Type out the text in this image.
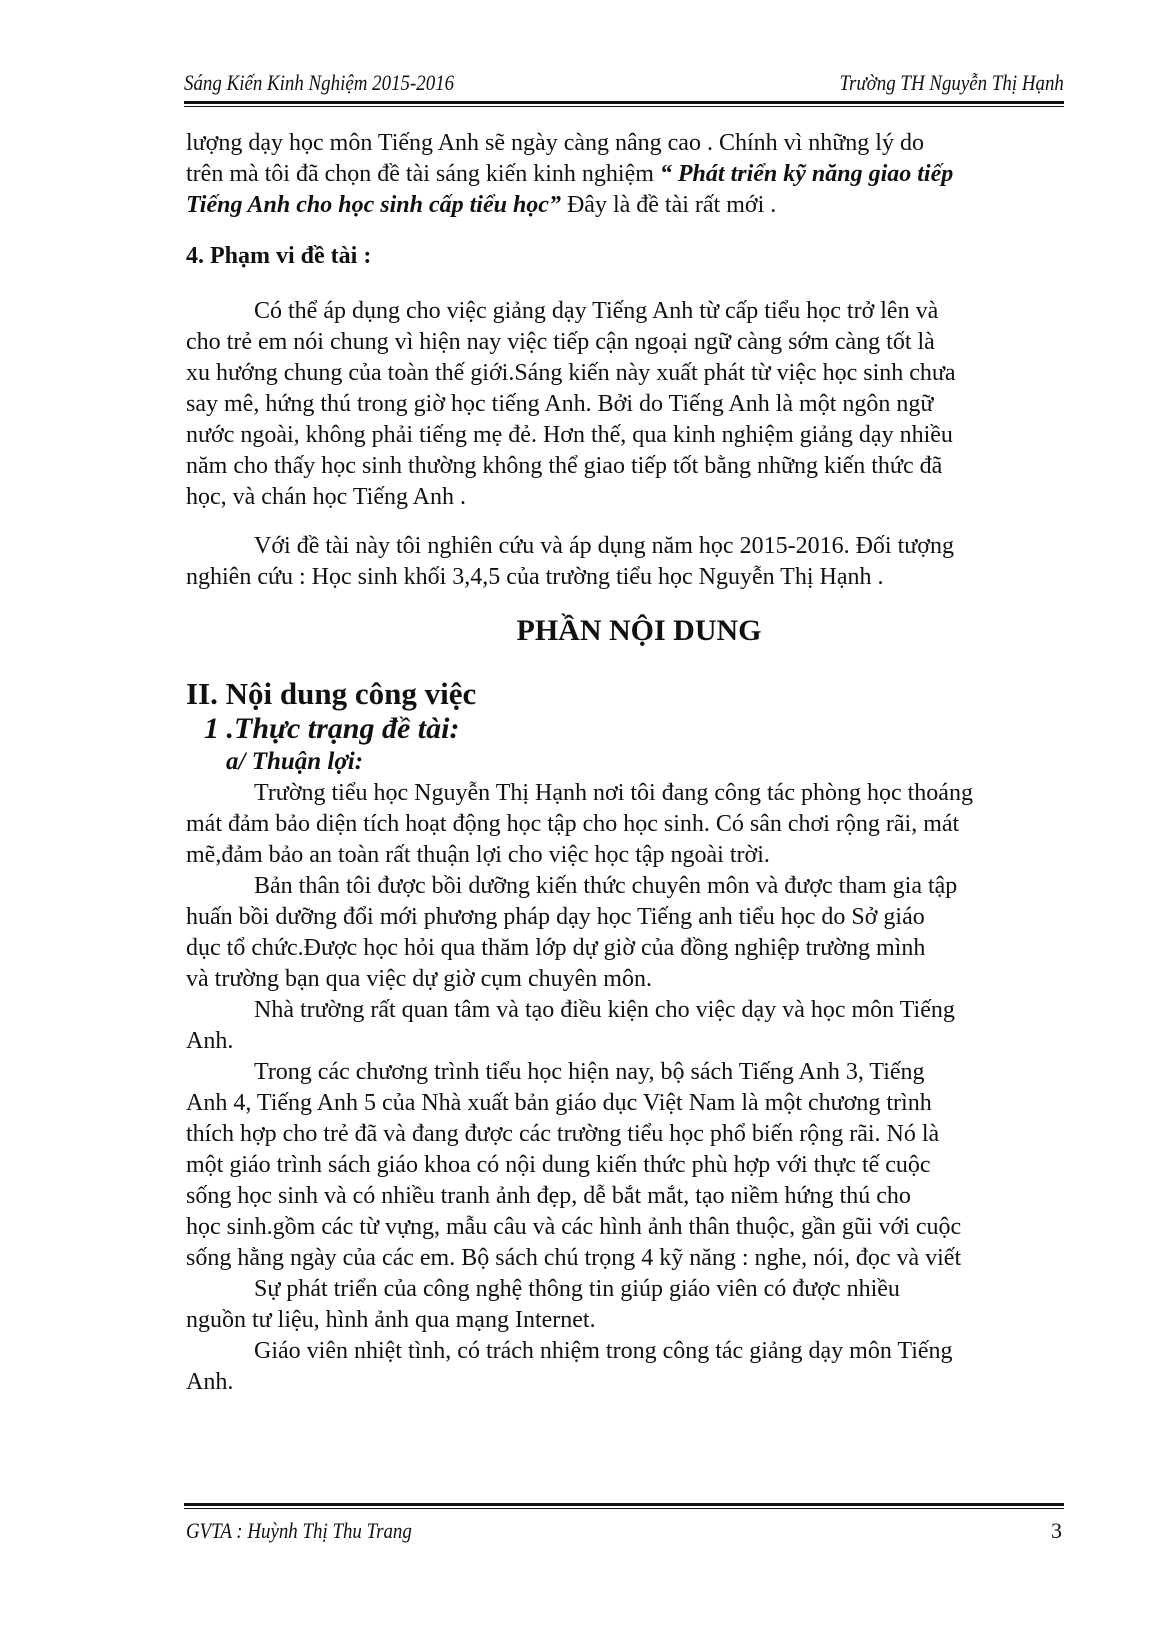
Sáng Kiến Kinh Nghiệm 2015-2016	Trường TH Nguyễn Thị Hạnh
lượng dạy học môn Tiếng Anh sẽ ngày càng nâng cao . Chính vì những lý do
trên mà tôi đã chọn đề tài sáng kiến kinh nghiệm “ Phát triển kỹ năng giao tiếp
Tiếng Anh cho học sinh cấp tiểu học” Đây là đề tài rất mới .
4. Phạm vi đề tài :
Có thể áp dụng cho việc giảng dạy Tiếng Anh từ cấp tiểu học trở lên và
cho trẻ em nói chung vì hiện nay việc tiếp cận ngoại ngữ càng sớm càng tốt là
xu hướng chung của toàn thế giới.Sáng kiến này xuất phát từ việc học sinh chưa
say mê, hứng thú trong giờ học tiếng Anh. Bởi do Tiếng Anh là một ngôn ngữ
nước ngoài, không phải tiếng mẹ đẻ. Hơn thế, qua kinh nghiệm giảng dạy nhiều
năm cho thấy học sinh thường không thể giao tiếp tốt bằng những kiến thức đã
học, và chán học Tiếng Anh .
Với đề tài này tôi nghiên cứu và áp dụng năm học 2015-2016. Đối tượng
nghiên cứu : Học sinh khối 3,4,5 của trường tiểu học Nguyễn Thị Hạnh .
PHẦN NỘI DUNG
II. Nội dung công việc
1 .Thực trạng đề tài:
a/ Thuận lợi:
Trường tiểu học Nguyễn Thị Hạnh nơi tôi đang công tác phòng học thoáng
mát đảm bảo diện tích hoạt động học tập cho học sinh. Có sân chơi rộng rãi, mát
mẽ,đảm bảo an toàn rất thuận lợi cho việc học tập ngoài trời.
Bản thân tôi được bồi dưỡng kiến thức chuyên môn và được tham gia tập
huấn bồi dưỡng đổi mới phương pháp dạy học Tiếng anh tiểu học do Sở giáo
dục tổ chức.Được học hỏi qua thăm lớp dự giờ của đồng nghiệp trường mình
và trường bạn qua việc dự giờ cụm chuyên môn.
Nhà trường rất quan tâm và tạo điều kiện cho việc dạy và học môn Tiếng
Anh.
Trong các chương trình tiểu học hiện nay, bộ sách Tiếng Anh 3, Tiếng
Anh 4, Tiếng Anh 5 của Nhà xuất bản giáo dục Việt Nam là một chương trình
thích hợp cho trẻ đã và đang được các trường tiểu học phổ biến rộng rãi. Nó là
một giáo trình sách giáo khoa có nội dung kiến thức phù hợp với thực tế cuộc
sống học sinh và có nhiều tranh ảnh đẹp, dễ bắt mắt, tạo niềm hứng thú cho
học sinh.gồm các từ vựng, mẫu câu và các hình ảnh thân thuộc, gần gũi với cuộc
sống hằng ngày của các em. Bộ sách chú trọng 4 kỹ năng : nghe, nói, đọc và viết
Sự phát triển của công nghệ thông tin giúp giáo viên có được nhiều
nguồn tư liệu, hình ảnh qua mạng Internet.
Giáo viên nhiệt tình, có trách nhiệm trong công tác giảng dạy môn Tiếng
Anh.
GVTA : Huỳnh Thị Thu Trang	3
